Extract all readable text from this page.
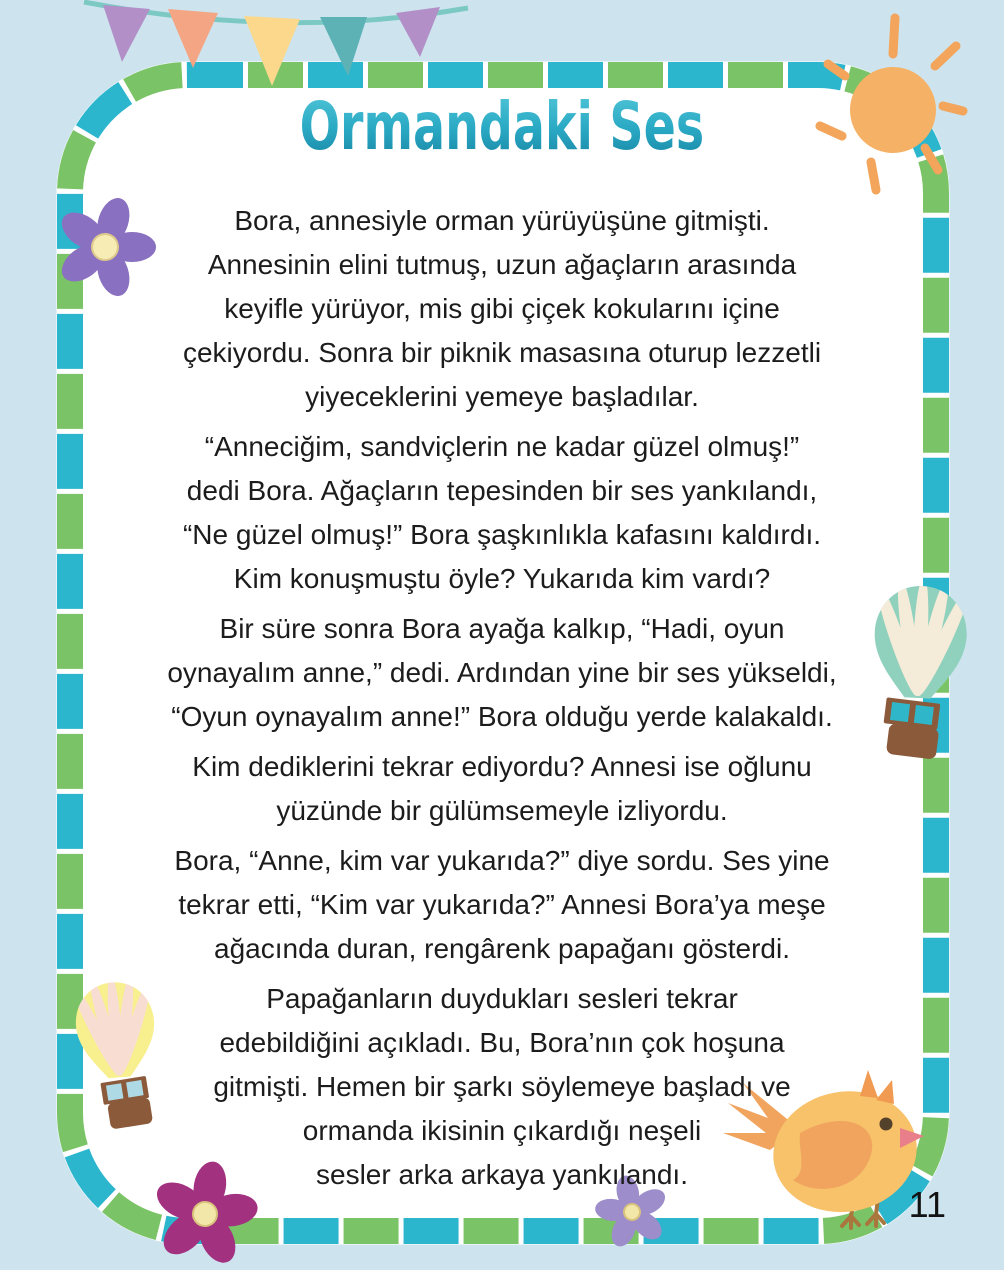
Ormandaki Ses
Bora, annesiyle orman yürüyüşüne gitmişti.
Annesinin elini tutmuş, uzun ağaçların arasında
keyifle yürüyor, mis gibi çiçek kokularını içine
çekiyordu. Sonra bir piknik masasına oturup lezzetli
yiyeceklerini yemeye başladılar.
“Anneciğim, sandviçlerin ne kadar güzel olmuş!”
dedi Bora. Ağaçların tepesinden bir ses yankılandı,
“Ne güzel olmuş!” Bora şaşkınlıkla kafasını kaldırdı.
Kim konuşmuştu öyle? Yukarıda kim vardı?
Bir süre sonra Bora ayağa kalkıp, “Hadi, oyun
oynayalım anne,” dedi. Ardından yine bir ses yükseldi,
“Oyun oynayalım anne!” Bora olduğu yerde kalakaldı.
Kim dediklerini tekrar ediyordu? Annesi ise oğlunu
yüzünde bir gülümsemeyle izliyordu.
Bora, “Anne, kim var yukarıda?” diye sordu. Ses yine
tekrar etti, “Kim var yukarıda?” Annesi Bora’ya meşe
ağacında duran, rengârenk papağanı gösterdi.
Papağanların duydukları sesleri tekrar
edebildiğini açıkladı. Bu, Bora’nın çok hoşuna
gitmişti. Hemen bir şarkı söylemeye başladı ve
ormanda ikisinin çıkardığı neşeli
sesler arka arkaya yankılandı.
11
